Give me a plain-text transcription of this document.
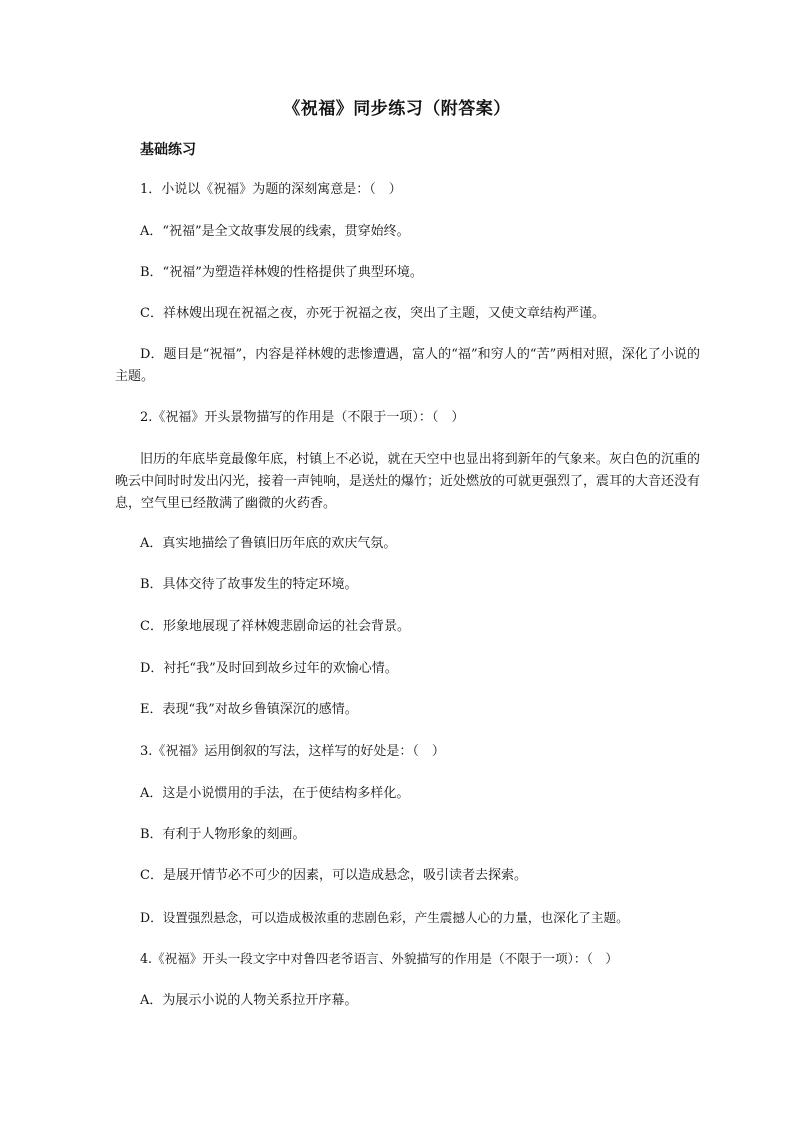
《祝福》同步练习（附答案）
基础练习
1．小说以《祝福》为题的深刻寓意是：（　）
A．“祝福”是全文故事发展的线索，贯穿始终。
B．“祝福”为塑造祥林嫂的性格提供了典型环境。
C．祥林嫂出现在祝福之夜，亦死于祝福之夜，突出了主题，又使文章结构严谨。
D．题目是“祝福”，内容是祥林嫂的悲惨遭遇，富人的“福”和穷人的“苦”两相对照，深化了小说的主题。
2.《祝福》开头景物描写的作用是（不限于一项）：（　）
旧历的年底毕竟最像年底，村镇上不必说，就在天空中也显出将到新年的气象来。灰白色的沉重的晚云中间时时发出闪光，接着一声钝响，是送灶的爆竹；近处燃放的可就更强烈了，震耳的大音还没有息，空气里已经散满了幽微的火药香。
A．真实地描绘了鲁镇旧历年底的欢庆气氛。
B．具体交待了故事发生的特定环境。
C．形象地展现了祥林嫂悲剧命运的社会背景。
D．衬托“我”及时回到故乡过年的欢愉心情。
E．表现“我”对故乡鲁镇深沉的感情。
3.《祝福》运用倒叙的写法，这样写的好处是：（　）
A．这是小说惯用的手法，在于使结构多样化。
B．有利于人物形象的刻画。
C．是展开情节必不可少的因素，可以造成悬念，吸引读者去探索。
D．设置强烈悬念，可以造成极浓重的悲剧色彩，产生震撼人心的力量，也深化了主题。
4.《祝福》开头一段文字中对鲁四老爷语言、外貌描写的作用是（不限于一项）：（　）
A．为展示小说的人物关系拉开序幕。
